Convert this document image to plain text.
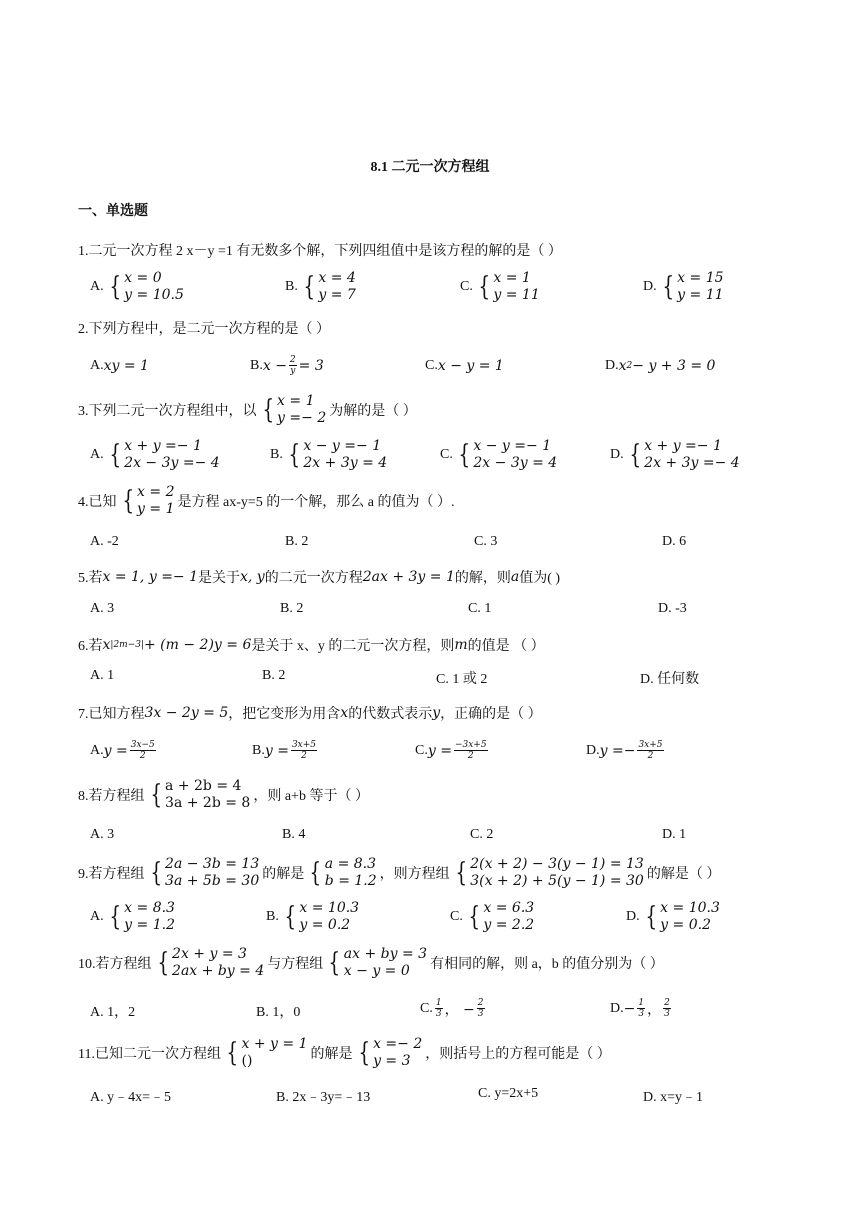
8.1 二元一次方程组
一、单选题
1.二元一次方程 2 x－y =1 有无数多个解，下列四组值中是该方程的解的是（ ）
A. { x = 0
y = 10.5
B. { x = 4
y = 7
C. { x = 1
y = 11
D. { x = 15
y = 11
2.下列方程中，是二元一次方程的是（ ）
A. xy = 1	B. $x - \frac{2}{y} = 3$	C. x − y = 1	D. x 2 − y + 3 = 0
3.下列二元一次方程组中，以 { x = 1
y =− 2 为解的是（ ）
A. { x + y =− 1
2x − 3y =− 4
B. { x − y =− 1
2x + 3y = 4
C. { x − y =− 1
2x − 3y = 4
D. { x + y =− 1
2x + 3y =− 4
4.已知 { x = 2
y = 1 是方程 ax-y=5 的一个解，那么 a 的值为（ ）.
A. -2	B. 2	C. 3	D. 6
5.若 x = 1, y =− 1 是关于 x, y 的二元一次方程 2ax + 3y = 1 的解，则 a 值为( )
A. 3	B. 2	C. 1	D. -3
6.若 x |2m−3| + (m − 2)y = 6 是关于 x、y 的二元一次方程，则 m 的值是 （ ）
A. 1	B. 2	C. 1 或 2	D. 任何数
7.已知方程 3x − 2y = 5 ，把它变形为用含 x 的代数式表示 y ，正确的是（ ）
A. $y = \frac{3x-5}{2}$	B. $y = \frac{3x+5}{2}$	C. $y = \frac{-3x+5}{2}$	D. $y =- \frac{3x+5}{2}$
8.若方程组 { a + 2b = 4
3a + 2b = 8 ，则 a+b 等于（ ）
A. 3	B. 4	C. 2	D. 1
9.若方程组 { 2a − 3b = 13
3a + 5b = 30 的解是 { a = 8.3
b = 1.2 ，则方程组 { 2(x + 2) − 3(y − 1) = 13
3(x + 2) + 5(y − 1) = 30 的解是（ ）
A. { x = 8.3
y = 1.2
B. { x = 10.3
y = 0.2
C. { x = 6.3
y = 2.2
D. { x = 10.3
y = 0.2
10.若方程组 { 2x + y = 3
2ax + by = 4 与方程组 { ax + by = 3
x − y = 0	有相同的解，则 a，b 的值分别为（ ）
A. 1，2	B. 1，0	C. $\frac{1}{3}$ ， − $\frac{2}{3}$	D. − $\frac{1}{3}$ ， $\frac{2}{3}$
11.已知二元一次方程组 { x + y = 1
()	的解是 { x =− 2
y = 3	，则括号上的方程可能是（ ）
A. y﹣4x=﹣5	B. 2x﹣3y=﹣13	C. y=2x+5	D. x=y﹣1
